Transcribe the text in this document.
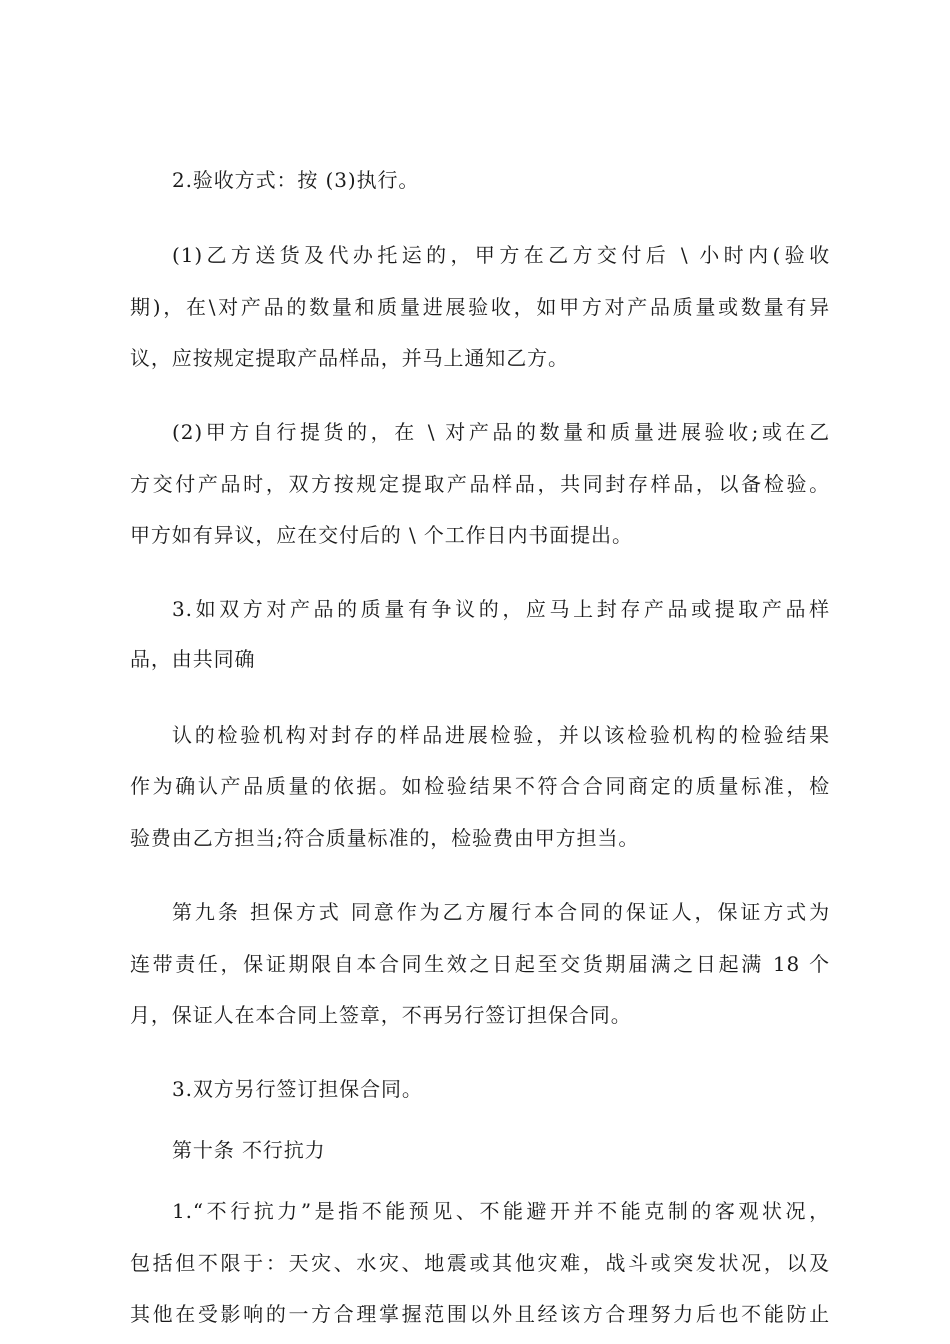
2.验收方式：按 (3)执行。

(1)乙方送货及代办托运的，甲方在乙方交付后 \ 小时内(验收

期)，在\对产品的数量和质量进展验收，如甲方对产品质量或数量有异

议，应按规定提取产品样品，并马上通知乙方。

(2)甲方自行提货的，在 \ 对产品的数量和质量进展验收;或在乙

方交付产品时，双方按规定提取产品样品，共同封存样品，以备检验。

甲方如有异议，应在交付后的 \ 个工作日内书面提出。

3.如双方对产品的质量有争议的，应马上封存产品或提取产品样

品，由共同确

认的检验机构对封存的样品进展检验，并以该检验机构的检验结果

作为确认产品质量的依据。如检验结果不符合合同商定的质量标准，检

验费由乙方担当;符合质量标准的，检验费由甲方担当。

第九条 担保方式 同意作为乙方履行本合同的保证人，保证方式为

连带责任，保证期限自本合同生效之日起至交货期届满之日起满 18 个

月，保证人在本合同上签章，不再另行签订担保合同。

3.双方另行签订担保合同。

第十条 不行抗力

1.“不行抗力”是指不能预见、不能避开并不能克制的客观状况，

包括但不限于：天灾、水灾、地震或其他灾难，战斗或突发状况，以及

其他在受影响的一方合理掌握范围以外且经该方合理努力后也不能防止
